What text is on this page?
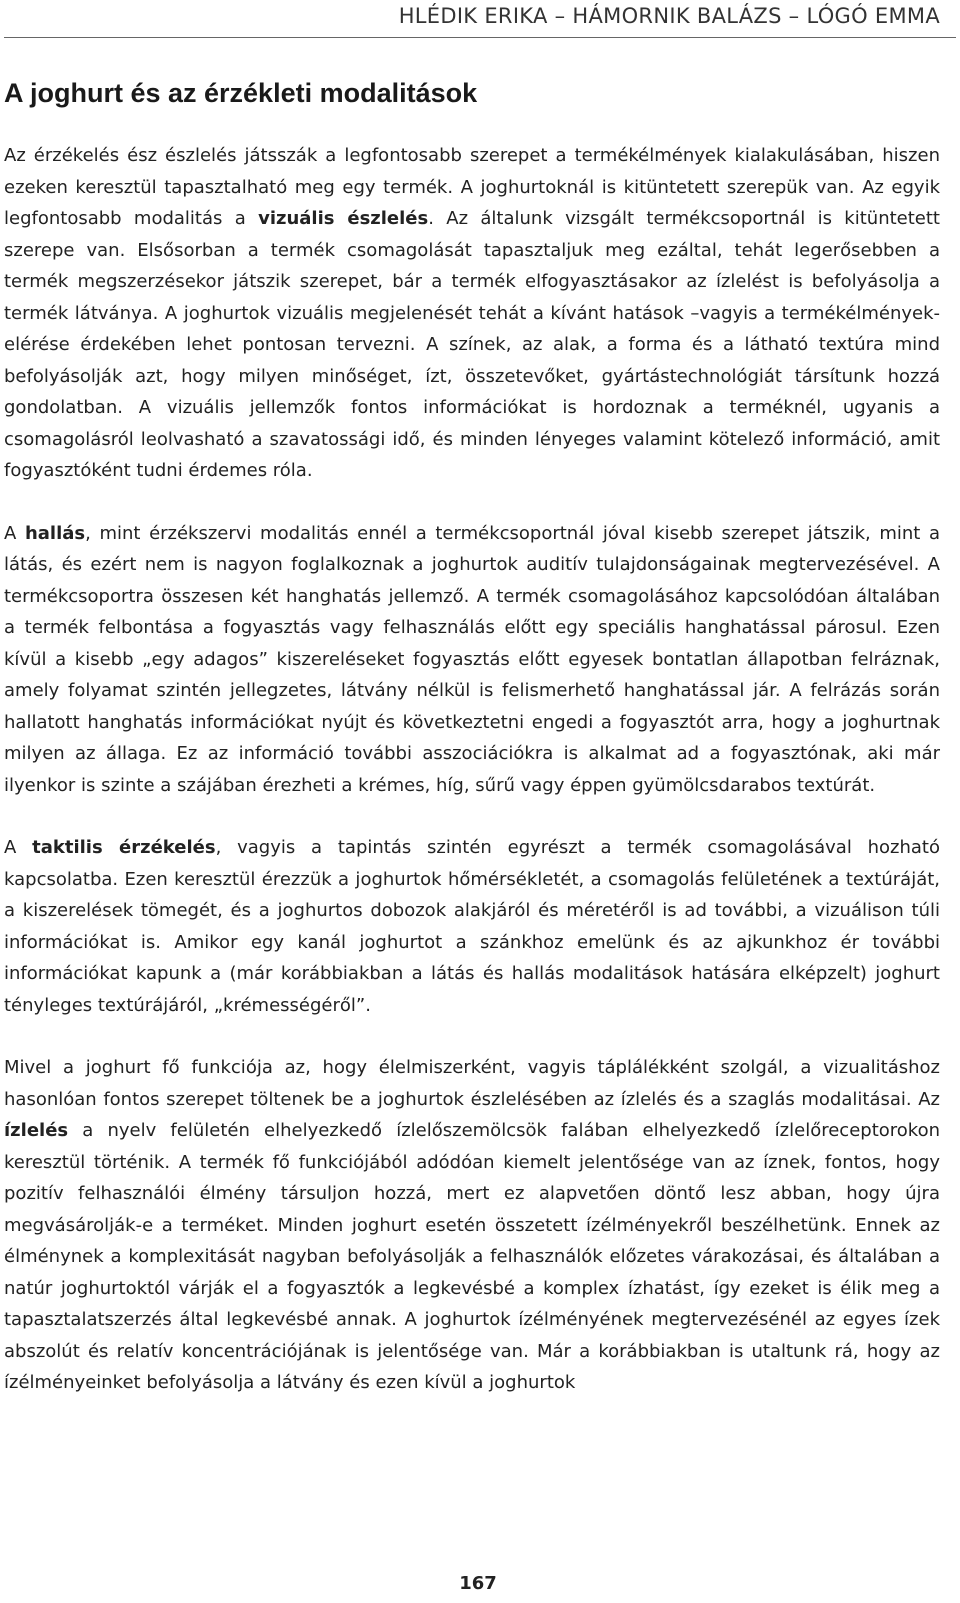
HLÉDIK ERIKA – HÁMORNIK BALÁZS – LÓGÓ EMMA
A joghurt és az érzékleti modalitások

Az érzékelés ész észlelés játsszák a legfontosabb szerepet a termékélmények kialakulásában, hiszen ezeken keresztül tapasztalható meg egy termék. A joghurtoknál is kitüntetett szerepük van. Az egyik legfontosabb modalitás a vizuális észlelés. Az általunk vizsgált termékcsoportnál is kitüntetett szerepe van. Elsősorban a termék csomagolását tapasztaljuk meg ezáltal, tehát legerősebben a termék megszerzésekor játszik szerepet, bár a termék elfogyasztásakor az ízlelést is befolyásolja a termék látványa. A joghurtok vizuális megjelenését tehát a kívánt hatások –vagyis a termékélmények- elérése érdekében lehet pontosan tervezni. A színek, az alak, a forma és a látható textúra mind befolyásolják azt, hogy milyen minőséget, ízt, összetevőket, gyártástechnológiát társítunk hozzá gondolatban. A vizuális jellemzők fontos információkat is hordoznak a terméknél, ugyanis a csomagolásról leolvasható a szavatossági idő, és minden lényeges valamint kötelező információ, amit fogyasztóként tudni érdemes róla.

A hallás, mint érzékszervi modalitás ennél a termékcsoportnál jóval kisebb szerepet játszik, mint a látás, és ezért nem is nagyon foglalkoznak a joghurtok auditív tulajdonságainak megtervezésével. A termékcsoportra összesen két hanghatás jellemző. A termék csomagolásához kapcsolódóan általában a termék felbontása a fogyasztás vagy felhasználás előtt egy speciális hanghatással párosul. Ezen kívül a kisebb „egy adagos” kiszereléseket fogyasztás előtt egyesek bontatlan állapotban felráznak, amely folyamat szintén jellegzetes, látvány nélkül is felismerhető hanghatással jár. A felrázás során hallatott hanghatás információkat nyújt és következtetni engedi a fogyasztót arra, hogy a joghurtnak milyen az állaga. Ez az információ további asszociációkra is alkalmat ad a fogyasztónak, aki már ilyenkor is szinte a szájában érezheti a krémes, híg, sűrű vagy éppen gyümölcsdarabos textúrát.

A taktilis érzékelés, vagyis a tapintás szintén egyrészt a termék csomagolásával hozható kapcsolatba. Ezen keresztül érezzük a joghurtok hőmérsékletét, a csomagolás felületének a textúráját, a kiszerelések tömegét, és a joghurtos dobozok alakjáról és méretéről is ad további, a vizuálison túli információkat is. Amikor egy kanál joghurtot a szánkhoz emelünk és az ajkunkhoz ér további információkat kapunk a (már korábbiakban a látás és hallás modalitások hatására elképzelt) joghurt tényleges textúrájáról, „krémességéről”.

Mivel a joghurt fő funkciója az, hogy élelmiszerként, vagyis táplálékként szolgál, a vizualitáshoz hasonlóan fontos szerepet töltenek be a joghurtok észlelésében az ízlelés és a szaglás modalitásai. Az ízlelés a nyelv felületén elhelyezkedő ízlelőszemölcsök falában elhelyezkedő ízlelőreceptorokon keresztül történik. A termék fő funkciójából adódóan kiemelt jelentősége van az íznek, fontos, hogy pozitív felhasználói élmény társuljon hozzá, mert ez alapvetően döntő lesz abban, hogy újra megvásárolják-e a terméket. Minden joghurt esetén összetett ízélményekről beszélhetünk. Ennek az élménynek a komplexitását nagyban befolyásolják a felhasználók előzetes várakozásai, és általában a natúr joghurtoktól várják el a fogyasztók a legkevésbé a komplex ízhatást, így ezeket is élik meg a tapasztalatszerzés által legkevésbé annak. A joghurtok ízélményének megtervezésénél az egyes ízek abszolút és relatív koncentrációjának is jelentősége van. Már a korábbiakban is utaltunk rá, hogy az ízélményeinket befolyásolja a látvány és ezen kívül a joghurtok

167
